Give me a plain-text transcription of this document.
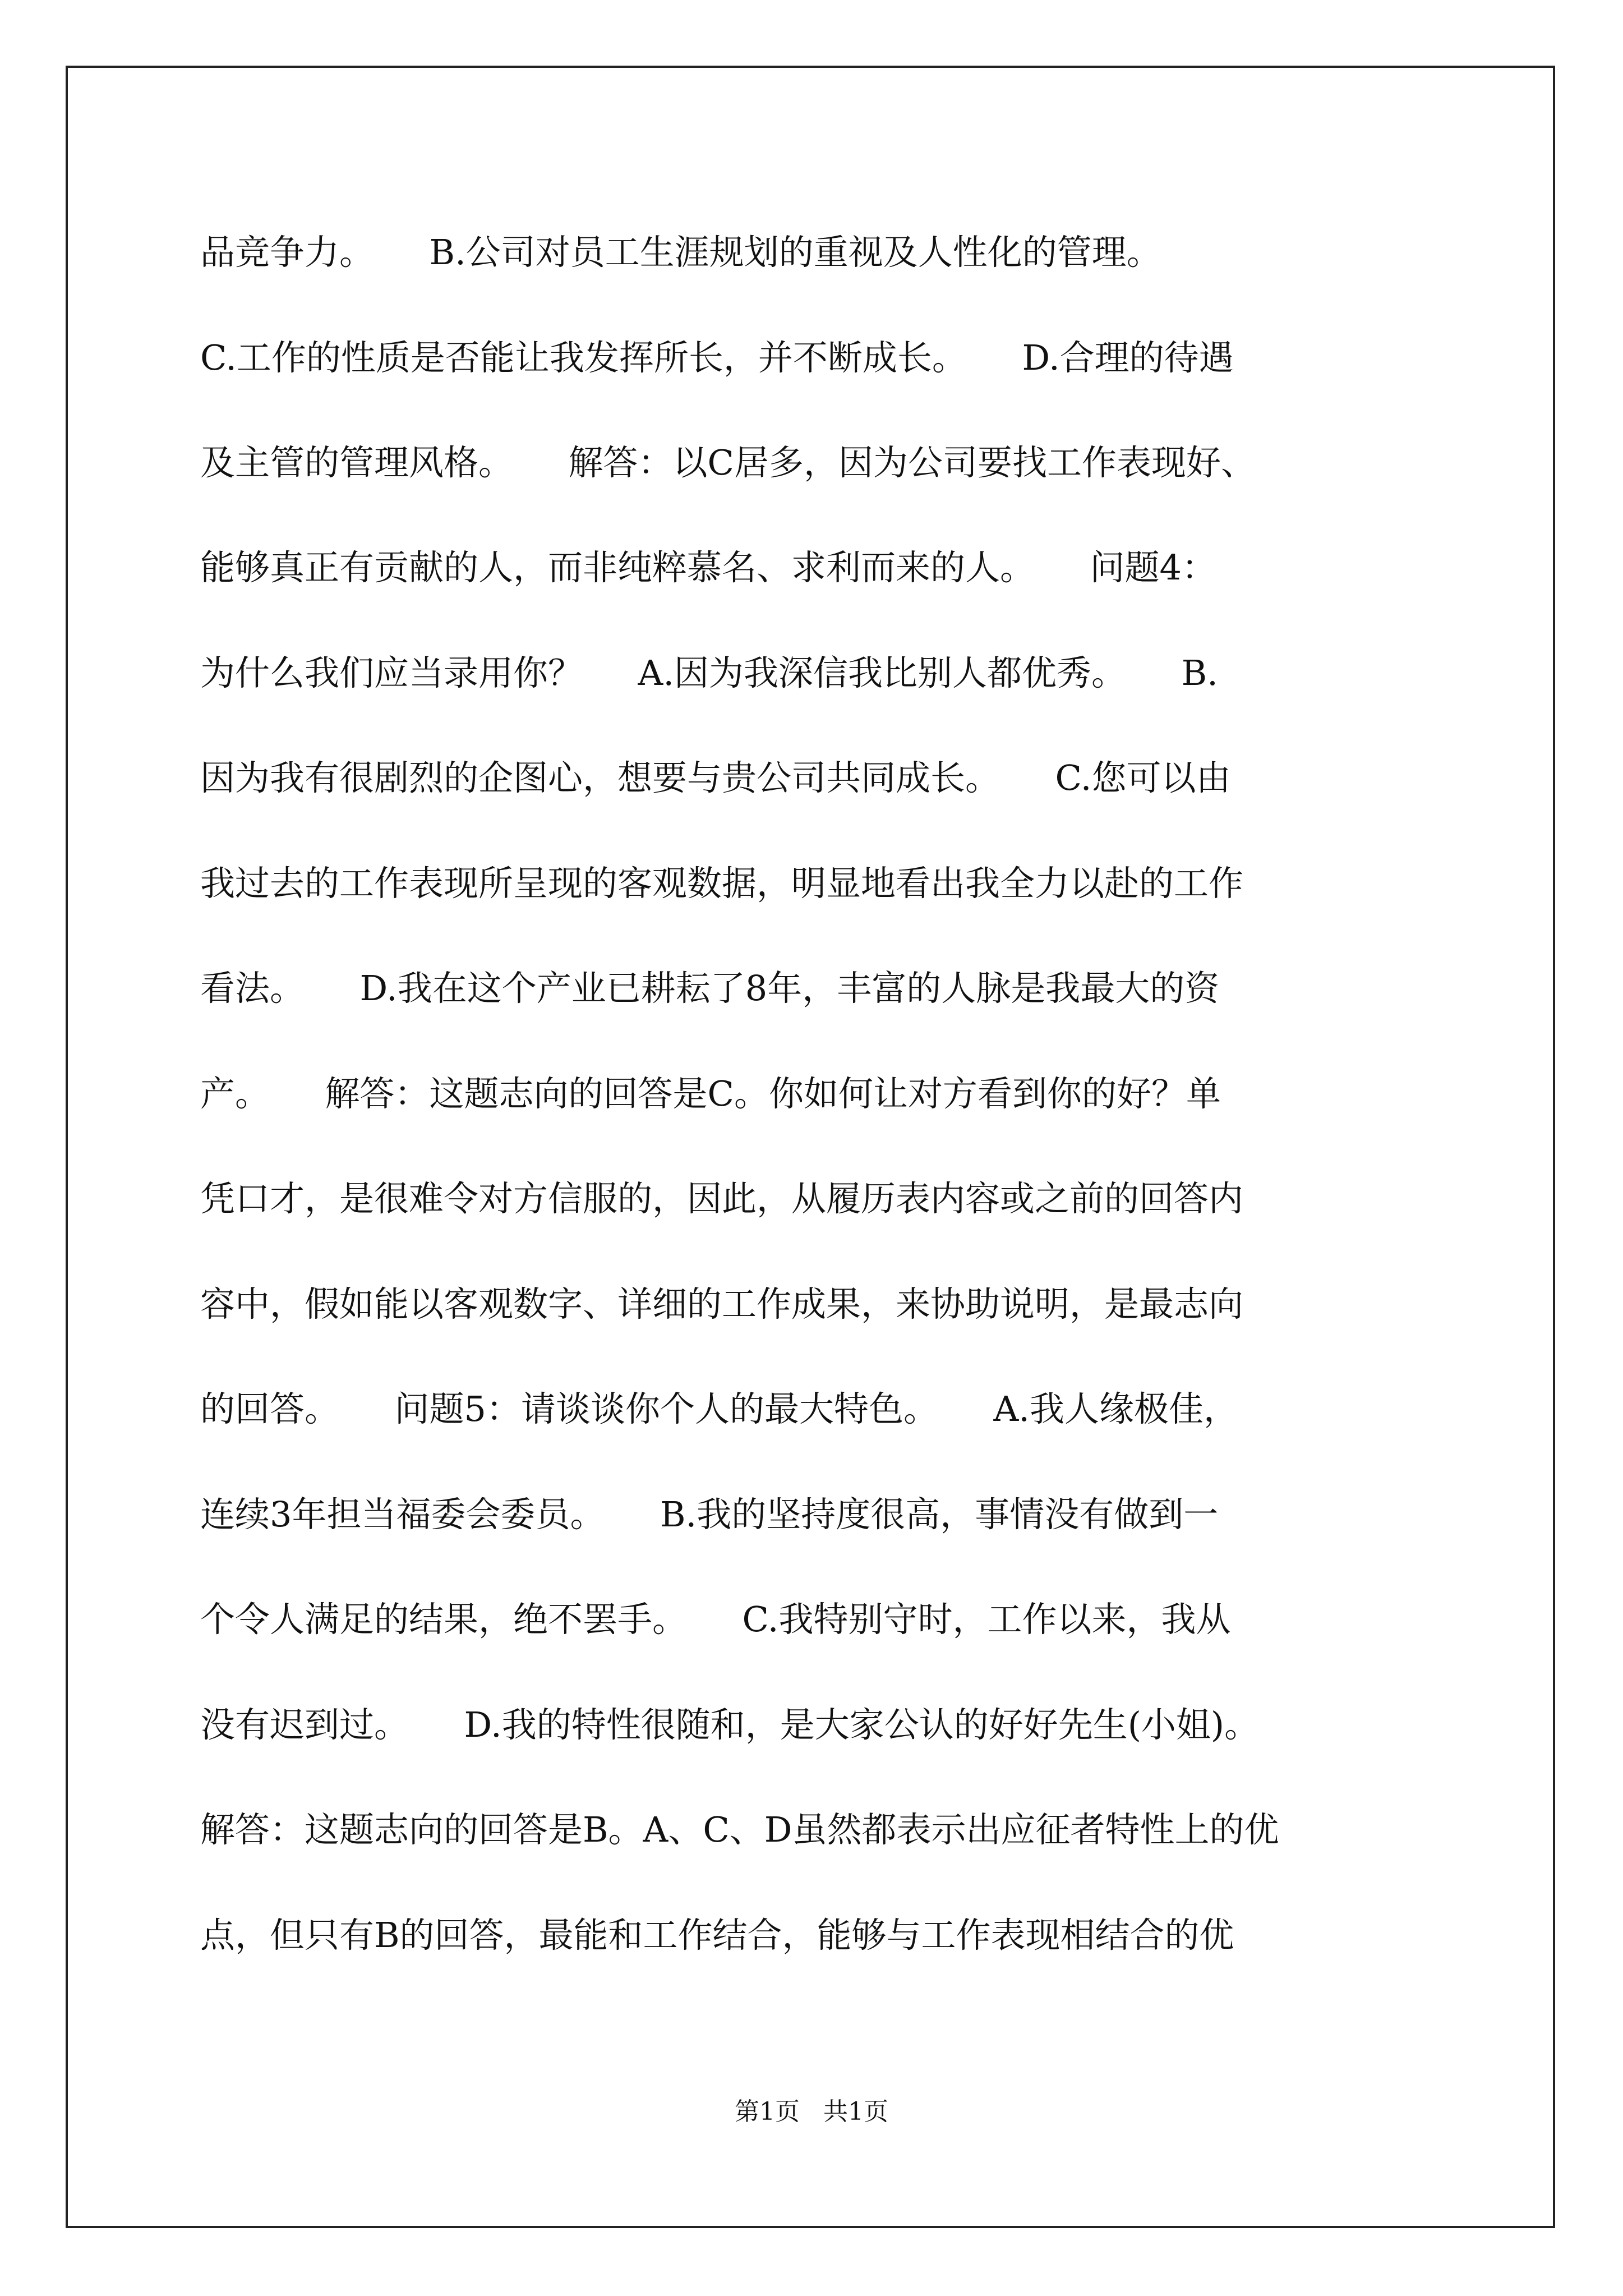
品竞争力。     B.公司对员工生涯规划的重视及人性化的管理。

C.工作的性质是否能让我发挥所长，并不断成长。     D.合理的待遇

及主管的管理风格。     解答：以C居多，因为公司要找工作表现好、

能够真正有贡献的人，而非纯粹慕名、求利而来的人。     问题4：

为什么我们应当录用你？     A.因为我深信我比别人都优秀。     B.

因为我有很剧烈的企图心，想要与贵公司共同成长。     C.您可以由

我过去的工作表现所呈现的客观数据，明显地看出我全力以赴的工作

看法。     D.我在这个产业已耕耘了8年，丰富的人脉是我最大的资

产。     解答：这题志向的回答是C。你如何让对方看到你的好？单

凭口才，是很难令对方信服的，因此，从履历表内容或之前的回答内

容中，假如能以客观数字、详细的工作成果，来协助说明，是最志向

的回答。     问题5：请谈谈你个人的最大特色。     A.我人缘极佳，

连续3年担当福委会委员。     B.我的坚持度很高，事情没有做到一

个令人满足的结果，绝不罢手。     C.我特别守时，工作以来，我从

没有迟到过。     D.我的特性很随和，是大家公认的好好先生(小姐)。

解答：这题志向的回答是B。A、C、D虽然都表示出应征者特性上的优

点，但只有B的回答，最能和工作结合，能够与工作表现相结合的优

第1页   共1页
